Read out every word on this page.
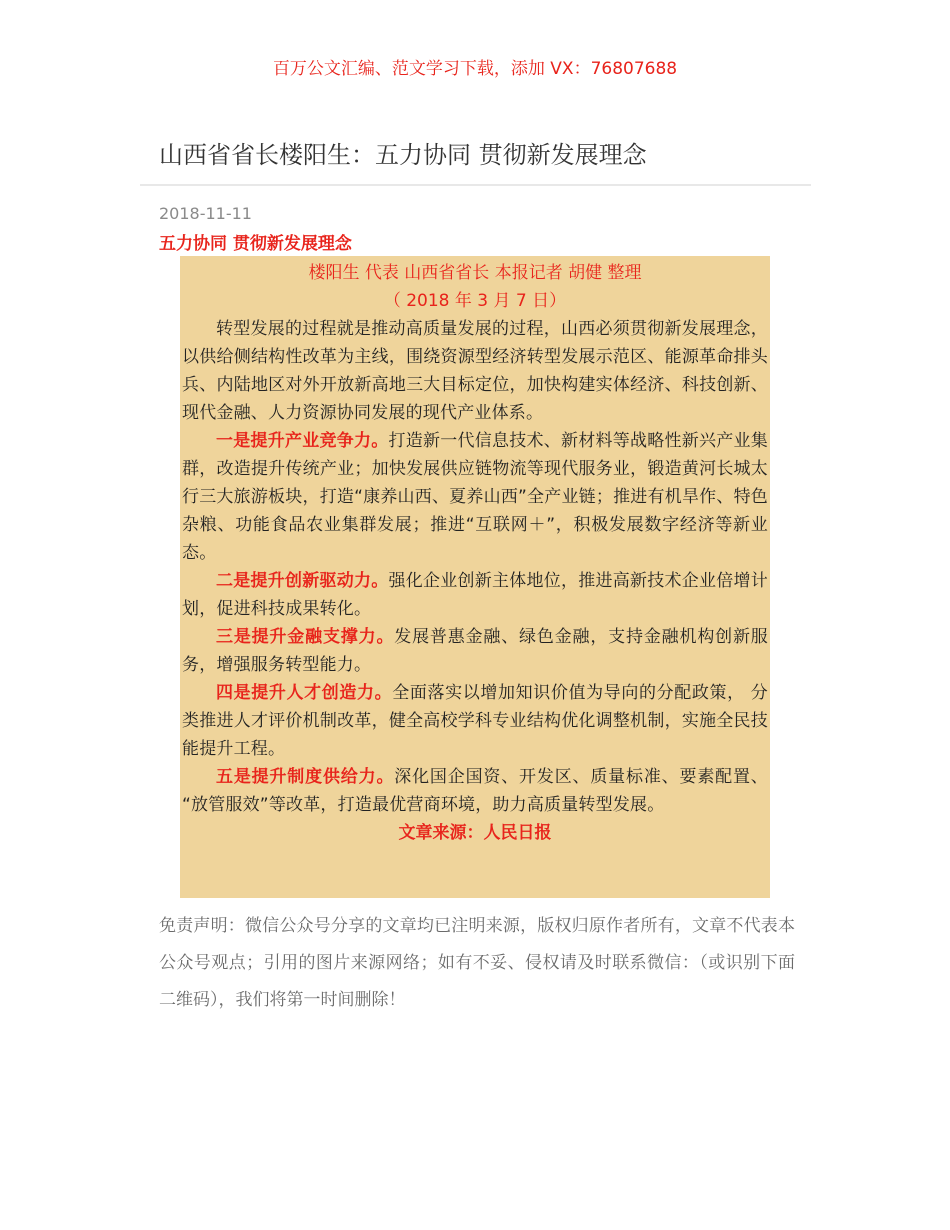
百万公文汇编、范文学习下载，添加 VX：76807688
山西省省长楼阳生：五力协同 贯彻新发展理念
2018-11-11
五力协同 贯彻新发展理念
楼阳生 代表 山西省省长 本报记者 胡健 整理
（ 2018 年 3 月 7 日）

转型发展的过程就是推动高质量发展的过程，山西必须贯彻新发展理念，以供给侧结构性改革为主线，围绕资源型经济转型发展示范区、能源革命排头兵、内陆地区对外开放新高地三大目标定位，加快构建实体经济、科技创新、现代金融、人力资源协同发展的现代产业体系。

一是提升产业竞争力。打造新一代信息技术、新材料等战略性新兴产业集群，改造提升传统产业；加快发展供应链物流等现代服务业，锻造黄河长城太行三大旅游板块，打造“康养山西、夏养山西”全产业链；推进有机旱作、特色杂粮、功能食品农业集群发展；推进“互联网＋”，积极发展数字经济等新业态。

二是提升创新驱动力。强化企业创新主体地位，推进高新技术企业倍增计划，促进科技成果转化。

三是提升金融支撑力。发展普惠金融、绿色金融，支持金融机构创新服务，增强服务转型能力。

四是提升人才创造力。全面落实以增加知识价值为导向的分配政策， 分类推进人才评价机制改革，健全高校学科专业结构优化调整机制，实施全民技能提升工程。

五是提升制度供给力。深化国企国资、开发区、质量标准、要素配置、 “放管服效”等改革，打造最优营商环境，助力高质量转型发展。

文章来源：人民日报

免责声明：微信公众号分享的文章均已注明来源，版权归原作者所有，文章不代表本公众号观点；引用的图片来源网络；如有不妥、侵权请及时联系微信：（或识别下面二维码），我们将第一时间删除！
